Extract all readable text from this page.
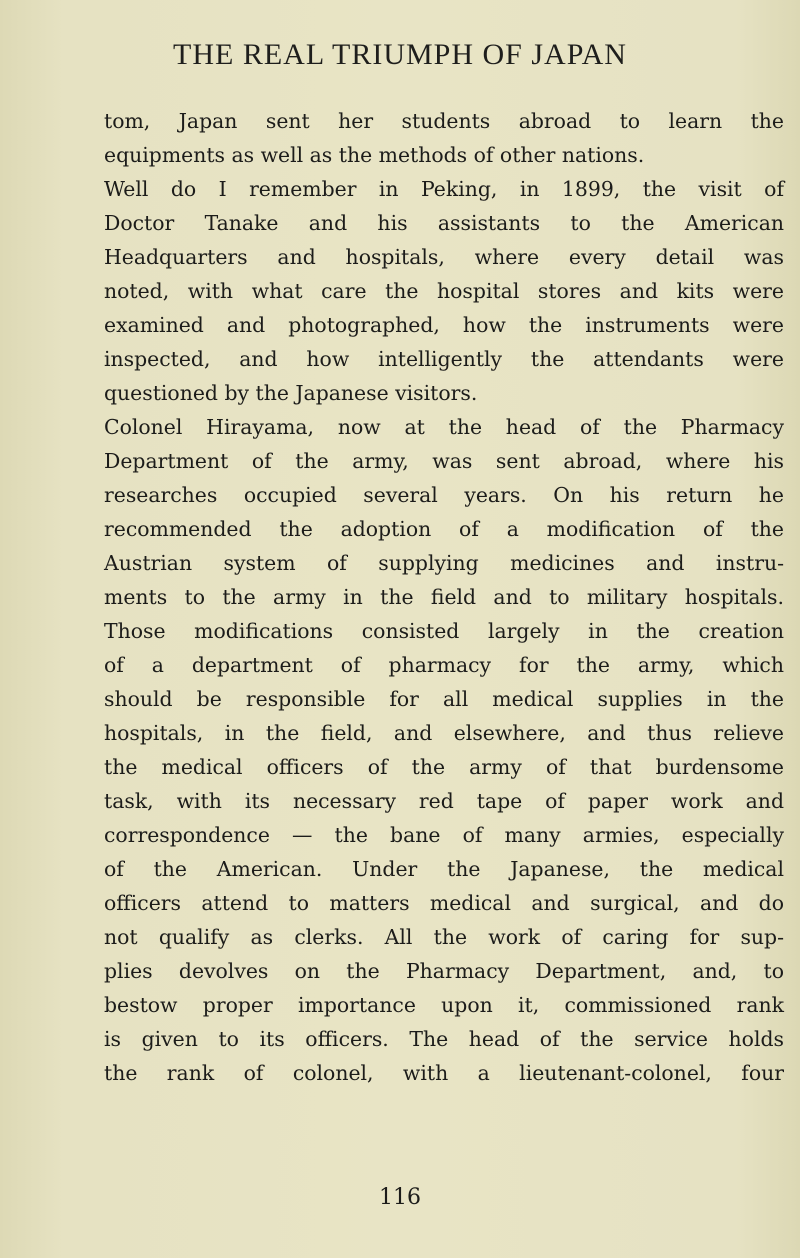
THE REAL TRIUMPH OF JAPAN
tom, Japan sent her students abroad to learn the
equipments as well as the methods of other nations.
Well do I remember in Peking, in 1899, the visit of
Doctor Tanake and his assistants to the American
Headquarters and hospitals, where every detail was
noted, with what care the hospital stores and kits were
examined and photographed, how the instruments were
inspected, and how intelligently the attendants were
questioned by the Japanese visitors.
Colonel Hirayama, now at the head of the Pharmacy
Department of the army, was sent abroad, where his
researches occupied several years. On his return he
recommended the adoption of a modification of the
Austrian system of supplying medicines and instru-
ments to the army in the field and to military hospitals.
Those modifications consisted largely in the creation
of a department of pharmacy for the army, which
should be responsible for all medical supplies in the
hospitals, in the field, and elsewhere, and thus relieve
the medical officers of the army of that burdensome
task, with its necessary red tape of paper work and
correspondence — the bane of many armies, especially
of the American. Under the Japanese, the medical
officers attend to matters medical and surgical, and do
not qualify as clerks. All the work of caring for sup-
plies devolves on the Pharmacy Department, and, to
bestow proper importance upon it, commissioned rank
is given to its officers. The head of the service holds
the rank of colonel, with a lieutenant-colonel, four

116
